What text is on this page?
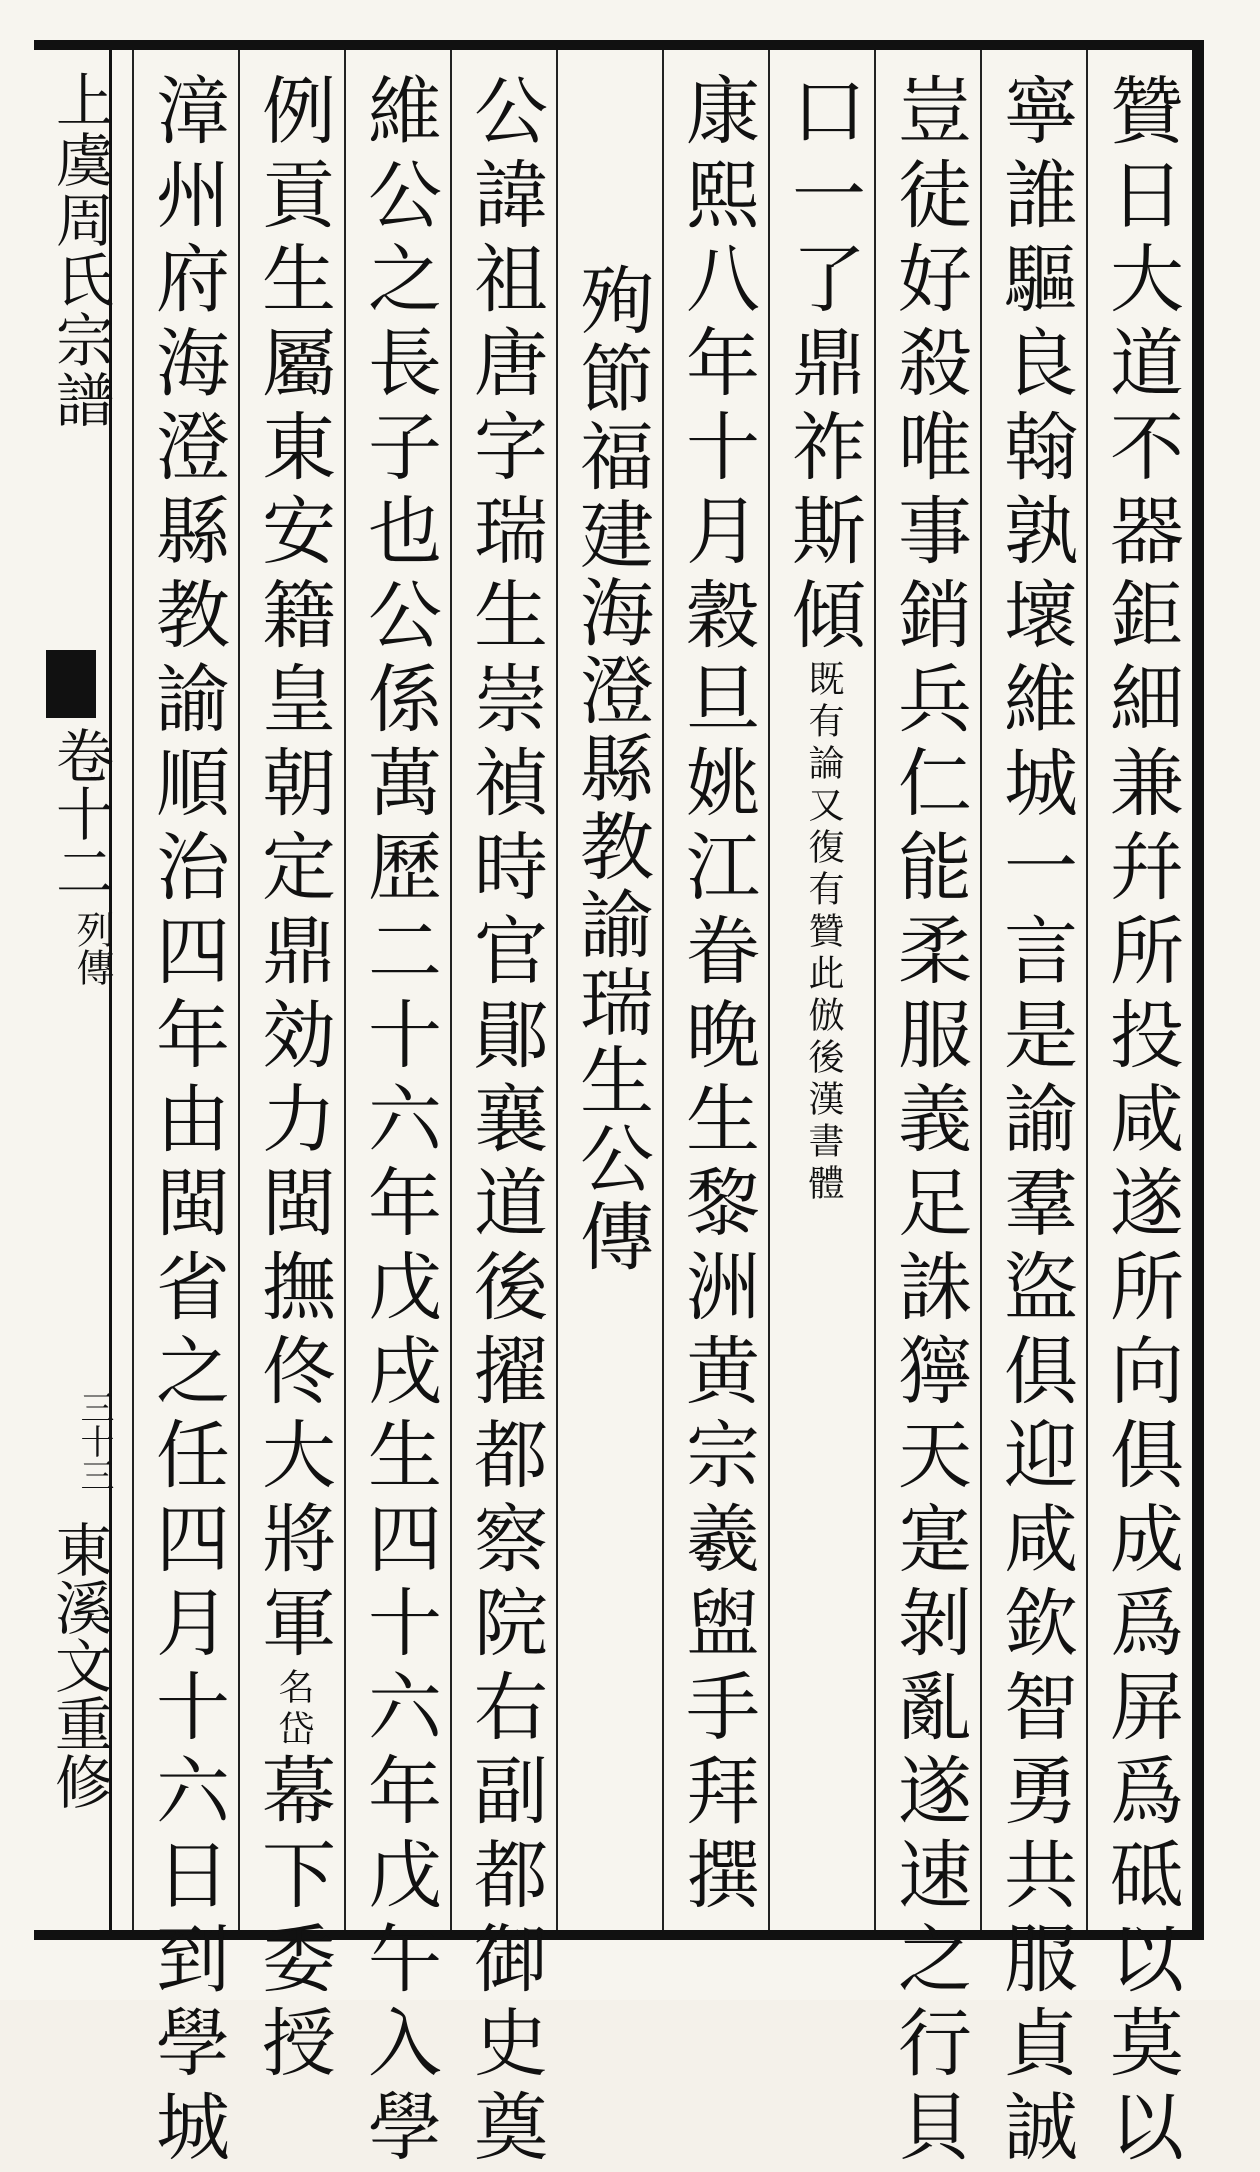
贊日大道不器鉅細兼幷所投咸遂所向俱成爲屏爲砥以莫以
寧誰驅良翰孰壞維城一言是諭羣盜俱迎咸欽智勇共服貞誠
豈徒好殺唯事銷兵仁能柔服義足誅獰天寔剝亂遂速之行貝
口一了鼎祚斯傾既有論又復有贊此倣後漢書體
康熙八年十月穀旦姚江眷晚生黎洲黄宗羲盥手拜撰
殉節福建海澄縣教諭瑞生公傳
公諱祖唐字瑞生崇禎時官鄖襄道後擢都察院右副都御史奠
維公之長子也公係萬歷二十六年戊戌生四十六年戊午入學
例貢生屬東安籍皇朝定鼎効力閩撫佟大將軍名岱幕下委授
漳州府海澄縣教諭順治四年由閩省之任四月十六日到學城
上虞周氏宗譜
卷十二
列傳
三十三
東溪文重修
